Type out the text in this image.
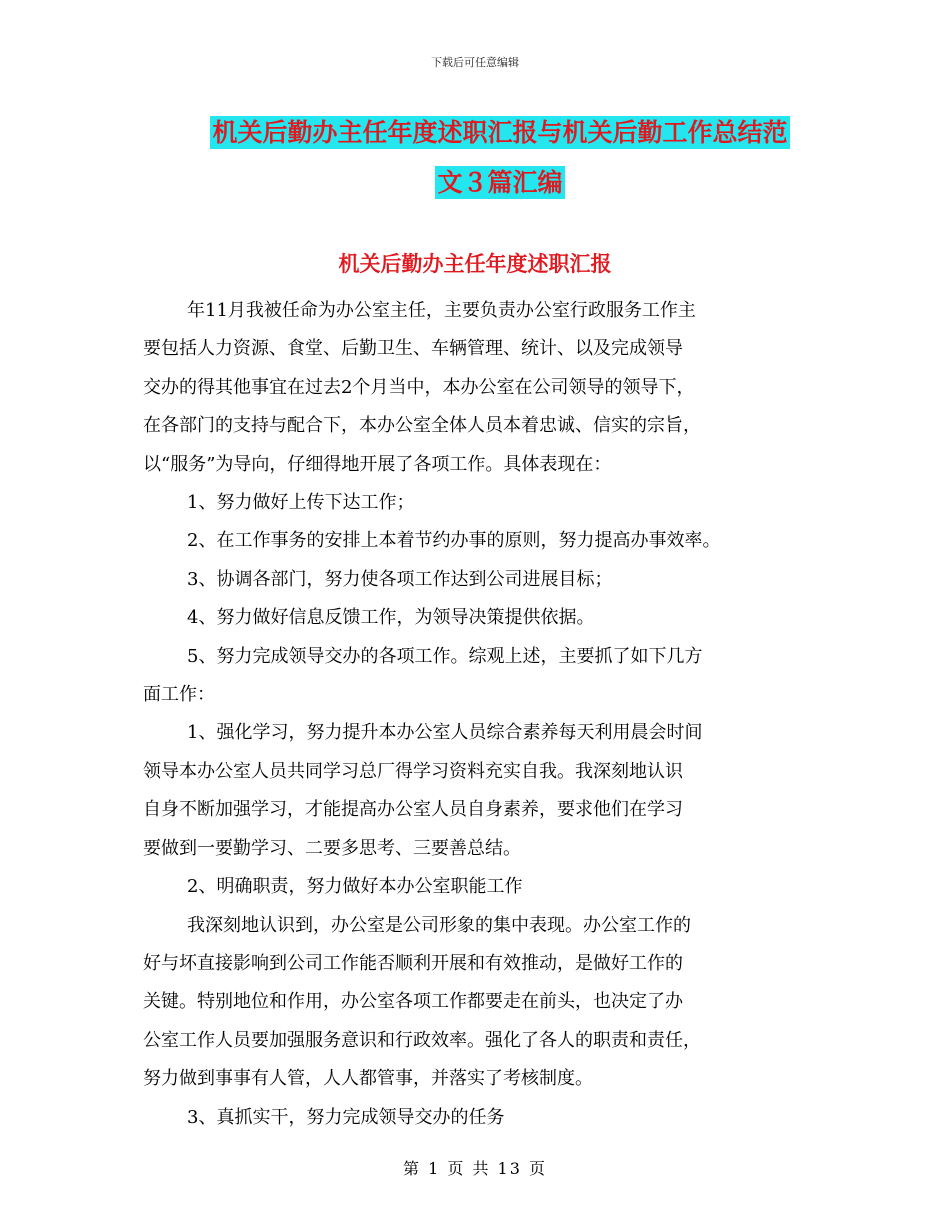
下载后可任意编辑
机关后勤办主任年度述职汇报与机关后勤工作总结范
文３篇汇编
机关后勤办主任年度述职汇报

年11月我被任命为办公室主任，主要负责办公室行政服务工作主

要包括人力资源、食堂、后勤卫生、车辆管理、统计、以及完成领导

交办的得其他事宜在过去2个月当中，本办公室在公司领导的领导下，

在各部门的支持与配合下，本办公室全体人员本着忠诚、信实的宗旨，

以“服务”为导向，仔细得地开展了各项工作。具体表现在：

1、努力做好上传下达工作；

2、在工作事务的安排上本着节约办事的原则，努力提高办事效率。

3、协调各部门，努力使各项工作达到公司进展目标；

4、努力做好信息反馈工作，为领导决策提供依据。

5、努力完成领导交办的各项工作。综观上述，主要抓了如下几方

面工作：

1、强化学习，努力提升本办公室人员综合素养每天利用晨会时间

领导本办公室人员共同学习总厂得学习资料充实自我。我深刻地认识

自身不断加强学习，才能提高办公室人员自身素养，要求他们在学习

要做到一要勤学习、二要多思考、三要善总结。

2、明确职责，努力做好本办公室职能工作

我深刻地认识到，办公室是公司形象的集中表现。办公室工作的

好与坏直接影响到公司工作能否顺利开展和有效推动，是做好工作的

关键。特别地位和作用，办公室各项工作都要走在前头，也决定了办

公室工作人员要加强服务意识和行政效率。强化了各人的职责和责任，

努力做到事事有人管，人人都管事，并落实了考核制度。

3、真抓实干，努力完成领导交办的任务

第 1 页 共 13 页
